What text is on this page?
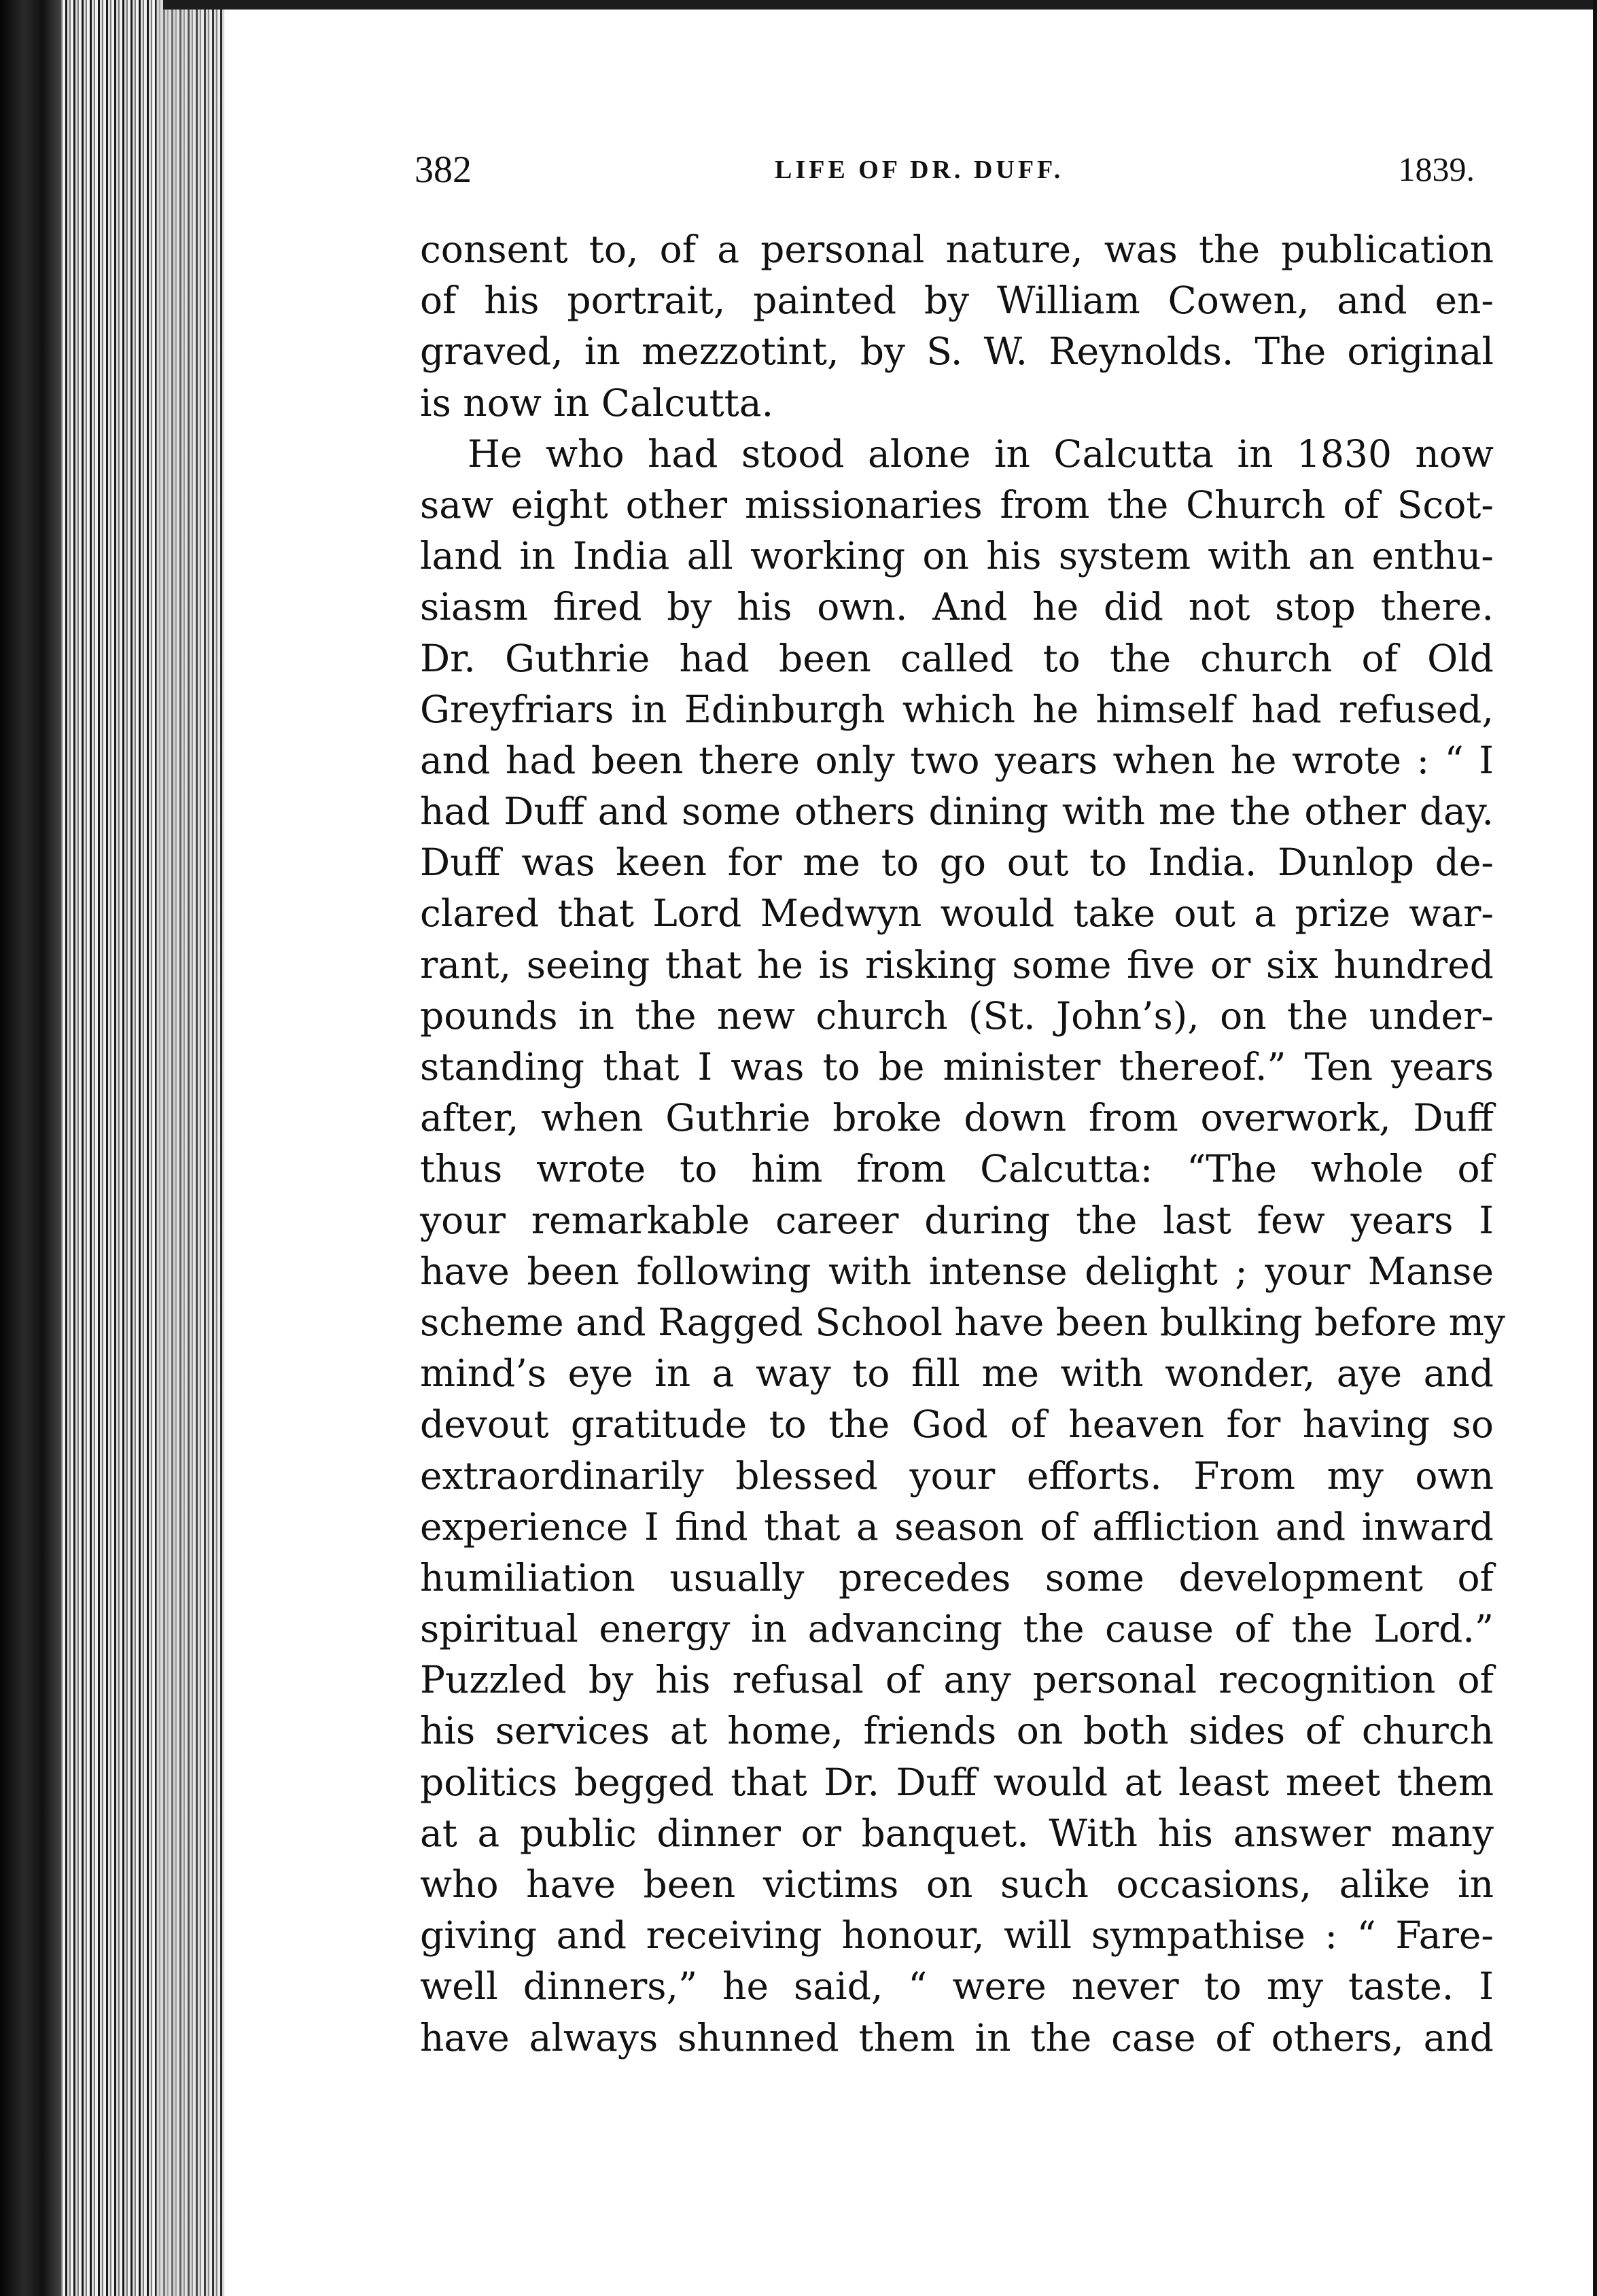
382	LIFE OF DR. DUFF.	1839.
consent to, of a personal nature, was the publication
of his portrait, painted by William Cowen, and en-
graved, in mezzotint, by S. W. Reynolds. The original
is now in Calcutta.
He who had stood alone in Calcutta in 1830 now
saw eight other missionaries from the Church of Scot-
land in India all working on his system with an enthu-
siasm fired by his own. And he did not stop there.
Dr. Guthrie had been called to the church of Old
Greyfriars in Edinburgh which he himself had refused,
and had been there only two years when he wrote : “ I
had Duff and some others dining with me the other day.
Duff was keen for me to go out to India. Dunlop de-
clared that Lord Medwyn would take out a prize war-
rant, seeing that he is risking some five or six hundred
pounds in the new church (St. John’s), on the under-
standing that I was to be minister thereof.” Ten years
after, when Guthrie broke down from overwork, Duff
thus wrote to him from Calcutta: “The whole of
your remarkable career during the last few years I
have been following with intense delight ; your Manse
scheme and Ragged School have been bulking before my
mind’s eye in a way to fill me with wonder, aye and
devout gratitude to the God of heaven for having so
extraordinarily blessed your efforts. From my own
experience I find that a season of affliction and inward
humiliation usually precedes some development of
spiritual energy in advancing the cause of the Lord.”
Puzzled by his refusal of any personal recognition of
his services at home, friends on both sides of church
politics begged that Dr. Duff would at least meet them
at a public dinner or banquet. With his answer many
who have been victims on such occasions, alike in
giving and receiving honour, will sympathise : “ Fare-
well dinners,” he said, “ were never to my taste. I
have always shunned them in the case of others, and
